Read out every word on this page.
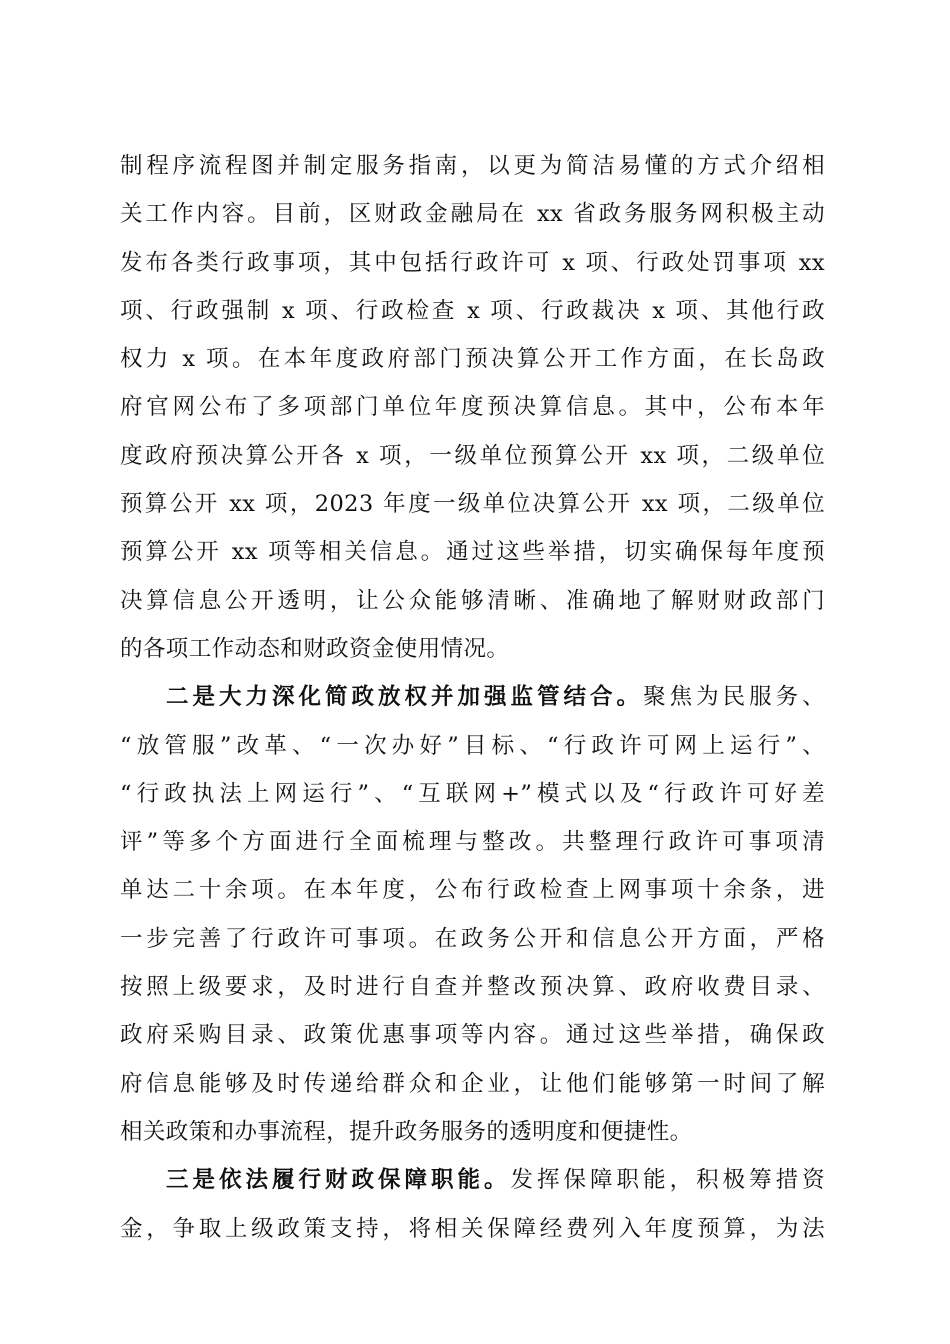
制程序流程图并制定服务指南，以更为简洁易懂的方式介绍相
关工作内容。目前，区财政金融局在 xx 省政务服务网积极主动
发布各类行政事项，其中包括行政许可 x 项、行政处罚事项 xx
项、行政强制 x 项、行政检查 x 项、行政裁决 x 项、其他行政
权力 x 项。在本年度政府部门预决算公开工作方面，在长岛政
府官网公布了多项部门单位年度预决算信息。其中，公布本年
度政府预决算公开各 x 项，一级单位预算公开 xx 项，二级单位
预算公开 xx 项，2023 年度一级单位决算公开 xx 项，二级单位
预算公开 xx 项等相关信息。通过这些举措，切实确保每年度预
决算信息公开透明，让公众能够清晰、准确地了解财财政部门
的各项工作动态和财政资金使用情况。
二是大力深化简政放权并加强监管结合。聚焦为民服务、
“放管服”改革、“一次办好”目标、“行政许可网上运行”、
“行政执法上网运行”、“互联网+”模式以及“行政许可好差
评”等多个方面进行全面梳理与整改。共整理行政许可事项清
单达二十余项。在本年度，公布行政检查上网事项十余条，进
一步完善了行政许可事项。在政务公开和信息公开方面，严格
按照上级要求，及时进行自查并整改预决算、政府收费目录、
政府采购目录、政策优惠事项等内容。通过这些举措，确保政
府信息能够及时传递给群众和企业，让他们能够第一时间了解
相关政策和办事流程，提升政务服务的透明度和便捷性。
三是依法履行财政保障职能。发挥保障职能，积极筹措资
金，争取上级政策支持，将相关保障经费列入年度预算，为法
